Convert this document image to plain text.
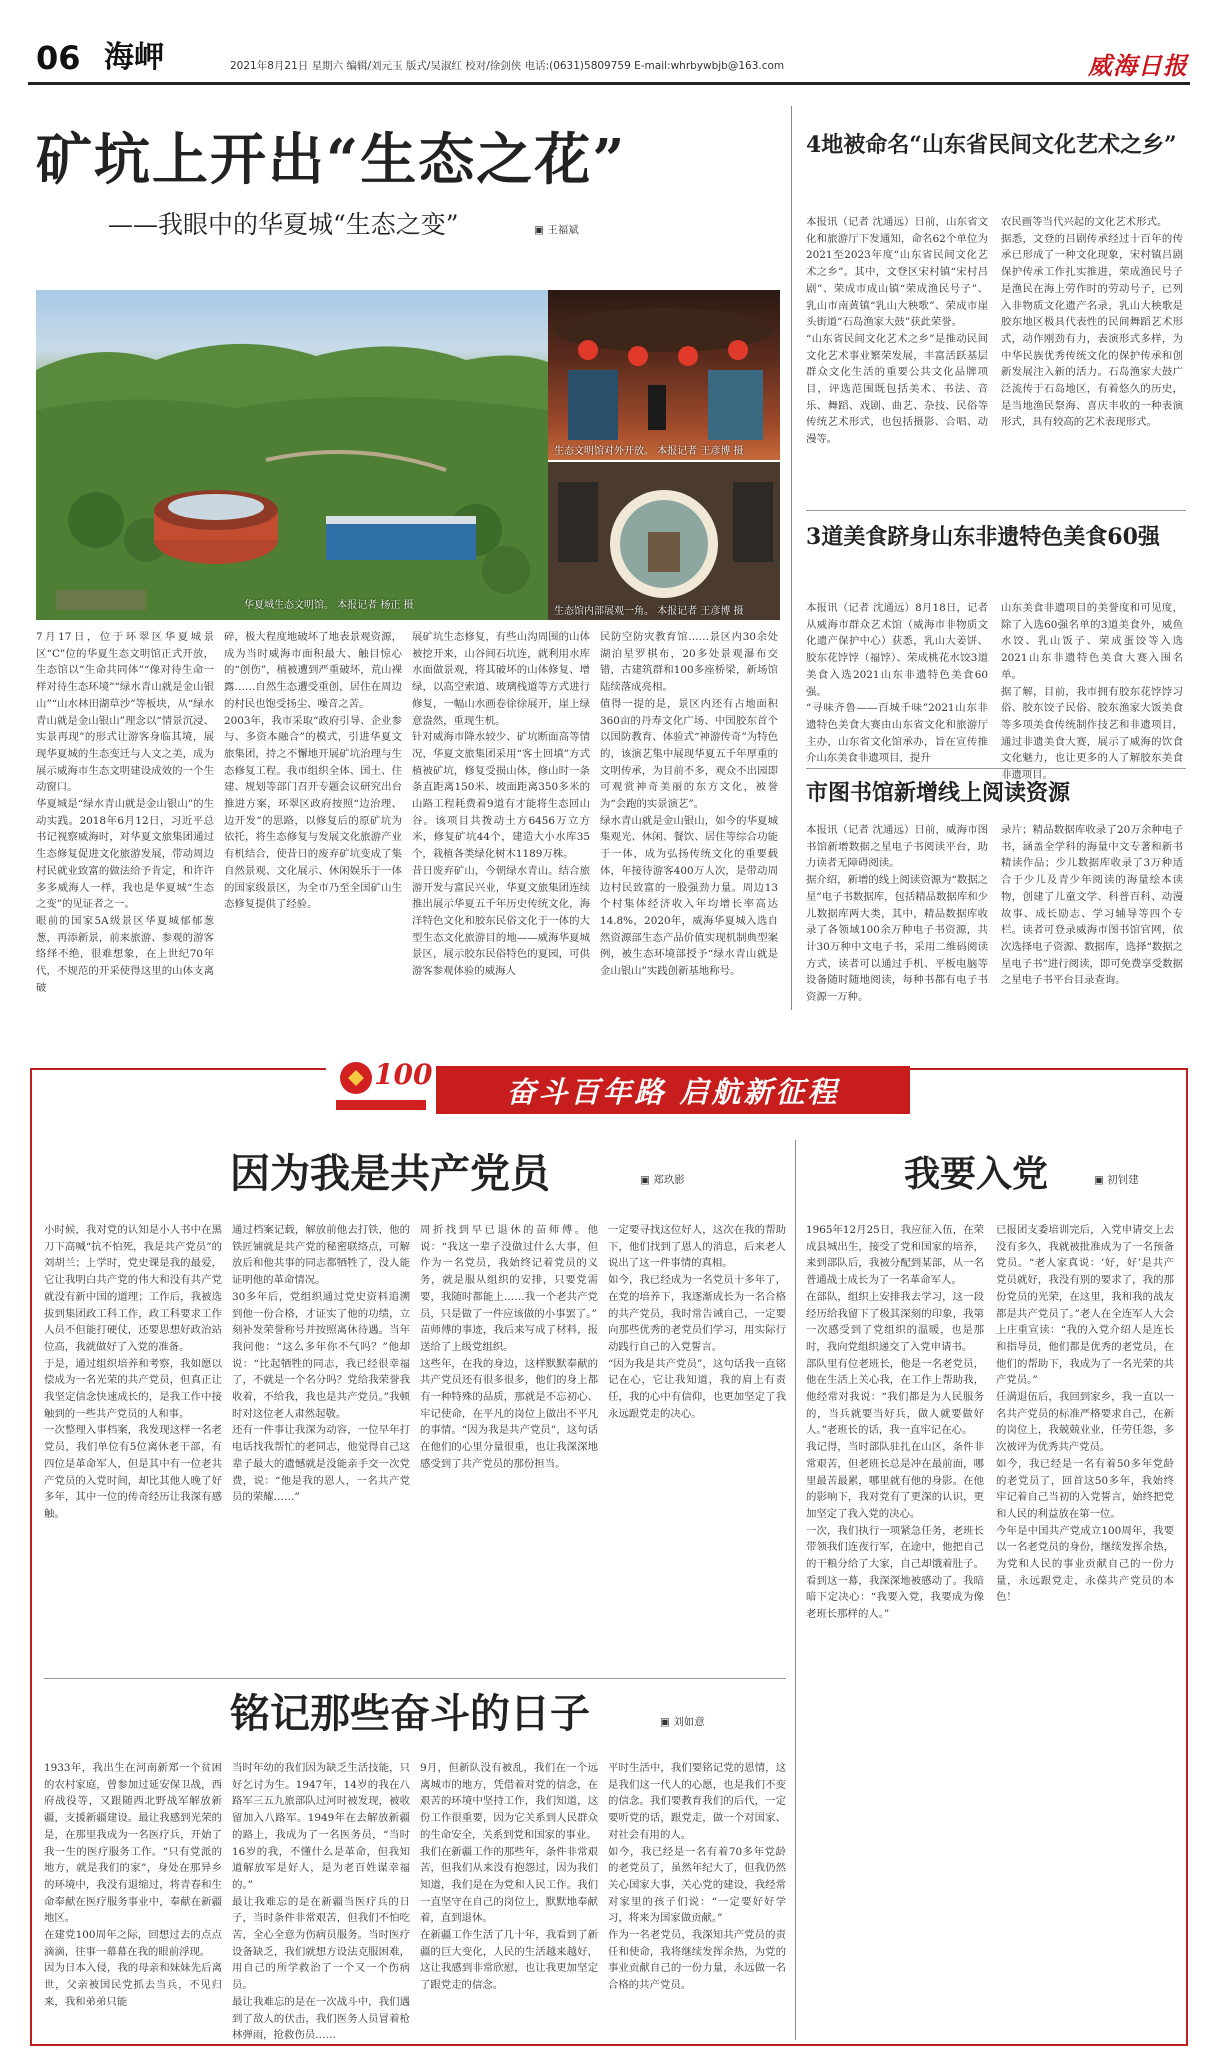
06 海岬	2021年8月21日 星期六 编辑/刘元玉 版式/吴淑红 校对/徐剑侠 电话:(0631)5809759 E-mail:whrbywbjb@163.com	威海日报
矿坑上开出“生态之花”
——我眼中的华夏城“生态之变”	▣ 王福斌
华夏城生态文明馆。 本报记者 杨正 摄
生态文明馆对外开放。 本报记者 王彦博 摄
生态馆内部展观一角。 本报记者 王彦博 摄
7月17日，位于环翠区华夏城景区“C”位的华夏生态文明馆正式开放，生态馆以“生命共同体”“像对待生命一样对待生态环境”“绿水青山就是金山银山”“山水林田湖草沙”等板块，从“绿水青山就是金山银山”理念以“情景沉浸、实景再现”的形式让游客身临其境，展现华夏城的生态变迁与人文之美，成为展示威海市生态文明建设成效的一个生动窗口。
华夏城是“绿水青山就是金山银山”的生动实践。2018年6月12日，习近平总书记视察威海时，对华夏文旅集团通过生态修复促进文化旅游发展，带动周边村民就业致富的做法给予肯定，和许许多多威海人一样，我也是华夏城“生态之变”的见证者之一。
眼前的国家5A级景区华夏城郁郁葱葱，再添新景，前来旅游、参观的游客络绎不绝，很难想象，在上世纪70年代，不规范的开采使得这里的山体支离破
碎，极大程度地破坏了地表景观资源，成为当时威海市面积最大、触目惊心的“创伤”，植被遭到严重破坏，荒山裸露……自然生态遭受重创，居住在周边的村民也饱受扬尘、噪音之苦。
2003年，我市采取“政府引导、企业参与、多资本融合”的模式，引进华夏文旅集团，持之不懈地开展矿坑治理与生态修复工程。我市组织全体、国土、住建、规划等部门召开专题会议研究出台推进方案，环翠区政府按照“边治理、边开发”的思路，以修复后的原矿坑为依托，将生态修复与发展文化旅游产业有机结合，使昔日的废弃矿坑变成了集自然景观、文化展示、休闲娱乐于一体的国家级景区，为全市乃至全国矿山生态修复提供了经验。
展矿坑生态修复，有些山沟周围的山体被挖开来，山谷间石坑连，就利用水库水面做景观，将其破坏的山体修复、增绿，以高空索道、玻璃栈道等方式进行修复，一幅山水画卷徐徐展开，崖上绿意盎然，重现生机。
针对威海市降水较少、矿坑断面高等情况，华夏文旅集团采用“客土回填”方式植被矿坑，修复受损山体，修山时一条条直距离150米、坡面距离350多米的山路工程耗费着9道有才能将生态回山谷。该项目共拨动土方6456万立方米，修复矿坑44个，建造大小水库35个，栽植各类绿化树木1189万株。
昔日废弃矿山，今朝绿水青山。结合旅游开发与富民兴业，华夏文旅集团连续推出展示华夏五千年历史传统文化，海洋特色文化和胶东民俗文化于一体的大型生态文化旅游目的地——威海华夏城景区，展示胶东民俗特色的夏园，可供游客参观体验的威海人
民防空防灾教育馆……景区内30余处湖泊星罗棋布，20多处景观瀑布交错，古建筑群和100多座桥梁，新场馆陆续落成亮相。
值得一提的是，景区内还有占地面积360亩的丹寿文化广场、中国胶东首个以国防教育、体验式“神游传奇”为特色的，该演艺集中展现华夏五千年厚重的文明传承，为目前不多，观众不出园即可观赏神奇美丽的东方文化，被誉为“会跑的实景演艺”。
绿水青山就是金山银山，如今的华夏城集观光、休闲、餐饮、居住等综合功能于一体，成为弘扬传统文化的重要载体，年接待游客400万人次，是带动周边村民致富的一股强劲力量。周边13个村集体经济收入年均增长率高达14.8%，2020年，威海华夏城入选自然资源部生态产品价值实现机制典型案例，被生态环境部授予“绿水青山就是金山银山”实践创新基地称号。
4地被命名“山东省民间文化艺术之乡”
本报讯（记者 沈通远）日前，山东省文化和旅游厅下发通知，命名62个单位为2021至2023年度“山东省民间文化艺术之乡”。其中，文登区宋村镇“宋村吕剧”、荣成市成山镇“荣成渔民号子”、乳山市南黄镇“乳山大秧歌”、荣成市崖头街道“石岛渔家大鼓”获此荣誉。
“山东省民间文化艺术之乡”是推动民间文化艺术事业繁荣发展，丰富活跃基层群众文化生活的重要公共文化品牌项目，评选范围既包括美术、书法、音乐、舞蹈、戏剧、曲艺、杂技、民俗等传统艺术形式，也包括摄影、合唱、动漫等。
农民画等当代兴起的文化艺术形式。
据悉，文登的吕剧传承经过十百年的传承已形成了一种文化现象，宋村镇吕剧保护传承工作扎实推进，荣成渔民号子是渔民在海上劳作时的劳动号子，已列入非物质文化遗产名录，乳山大秧歌是胶东地区极具代表性的民间舞蹈艺术形式，动作刚劲有力，表演形式多样，为中华民族优秀传统文化的保护传承和创新发展注入新的活力。石岛渔家大鼓广泛流传于石岛地区，有着悠久的历史，是当地渔民祭海、喜庆丰收的一种表演形式，具有较高的艺术表现形式。
3道美食跻身山东非遗特色美食60强
本报讯（记者 沈通远）8月18日，记者从威海市群众艺术馆（威海市非物质文化遗产保护中心）获悉，乳山大姜饼、胶东花饽饽（福饽）、荣成桃花水饺3道美食入选2021山东非遗特色美食60强。
“寻味齐鲁——百城千味”2021山东非遗特色美食大赛由山东省文化和旅游厅主办，山东省文化馆承办，旨在宣传推介山东美食非遗项目，提升
山东美食非遗项目的美誉度和可见度，除了入选60强名单的3道美食外，威鱼水饺、乳山饭子、荣成蛋饺等入选2021山东非遗特色美食大赛入围名单。
据了解，目前，我市拥有胶东花饽饽习俗、胶东饺子民俗、胶东渔家大饭美食等多项美食传统制作技艺和非遗项目，通过非遗美食大赛，展示了威海的饮食文化魅力，也让更多的人了解胶东美食非遗项目。
市图书馆新增线上阅读资源
本报讯（记者 沈通远）日前，威海市图书馆新增数据之星电子书阅读平台，助力读者无障碍阅读。
据介绍，新增的线上阅读资源为“数据之星”电子书数据库，包括精品数据库和少儿数据库两大类，其中，精品数据库收录了各领域100余万种电子书资源，共计30万种中文电子书，采用二维码阅读方式，读者可以通过手机、平板电脑等设备随时随地阅读，每种书都有电子书资源一万种。
录片；精品数据库收录了20万余种电子书，涵盖全学科的海量中文专著和新书精读作品；少儿数据库收录了3万种适合于少儿及青少年阅读的海量绘本读物，创建了儿童文学、科普百科、动漫故事、成长励志、学习辅导等四个专栏。读者可登录威海市图书馆官网，依次选择电子资源、数据库，选择“数据之星电子书”进行阅读，即可免费享受数据之星电子书平台目录查询。
100	奋斗百年路 启航新征程
因为我是共产党员	▣ 郑玖影
小时候，我对党的认知是小人书中在黑刀下高喊“抗不怕死，我是共产党员”的刘胡兰；上学时，党史课是我的最爱，它让我明白共产党的伟大和没有共产党就没有新中国的道理；工作后，我被选拔到集团政工科工作，政工科要求工作人员不但能打硬仗，还要思想好政治站位高，我就做好了入党的准备。
于是，通过组织培养和考察，我如愿以偿成为一名光荣的共产党员，但真正让我坚定信念快速成长的，是我工作中接触到的一些共产党员的人和事。
一次整理入事档案，我发现这样一名老党员，我们单位有5位离休老干部，有四位是革命军人，但是其中有一位老共产党员的入党时间，却比其他人晚了好多年，其中一位的传奇经历让我深有感触。
通过档案记载，解放前他去打铁，他的铁匠铺就是共产党的秘密联络点，可解放后和他共事的同志都牺牲了，没人能证明他的革命情况。
30多年后，党组织通过党史资料追溯到他一份合格，才证实了他的功绩，立刻补发荣誉称号并按照离休待遇。当年我问他：“这么多年你不气吗？”他却说：“比起牺牲的同志，我已经很幸福了，不就是一个名分吗？党给我荣誉我收着，不给我，我也是共产党员。”我顿时对这位老人肃然起敬。
还有一件事让我深为动容，一位早年打电话找我帮忙的老同志，他觉得自己这辈子最大的遗憾就是没能亲手交一次党费，说：“他是我的恩人，一名共产党员的荣耀……”
周折找到早已退休的苗师傅。他说：“我这一辈子没做过什么大事，但作为一名党员，我始终记着党员的义务，就是服从组织的安排，只要党需要，我随时都能上……我一个老共产党员，只是做了一件应该做的小事罢了。”
苗师傅的事迹，我后来写成了材料，报送给了上级党组织。
这些年，在我的身边，这样默默奉献的共产党员还有很多很多，他们的身上都有一种特殊的品质，那就是不忘初心、牢记使命，在平凡的岗位上做出不平凡的事情。“因为我是共产党员”，这句话在他们的心里分量很重，也让我深深地感受到了共产党员的那份担当。
一定要寻找这位好人，这次在我的帮助下，他们找到了恩人的消息，后来老人说出了这一件事情的真相。
如今，我已经成为一名党员十多年了，在党的培养下，我逐渐成长为一名合格的共产党员，我时常告诫自己，一定要向那些优秀的老党员们学习，用实际行动践行自己的入党誓言。
“因为我是共产党员”，这句话我一直铭记在心，它让我知道，我的肩上有责任，我的心中有信仰，也更加坚定了我永远跟党走的决心。
我要入党	▣ 初钊建
1965年12月25日，我应征入伍，在荣成县城出生，接受了党和国家的培养，来到部队后，我被分配到某部，从一名普通战士成长为了一名革命军人。
在部队，组织上安排我去学习，这一段经历给我留下了极其深刻的印象，我第一次感受到了党组织的温暖，也是那时，我向党组织递交了入党申请书。
部队里有位老班长，他是一名老党员，他在生活上关心我，在工作上帮助我，他经常对我说：“我们都是为人民服务的，当兵就要当好兵，做人就要做好人。”老班长的话，我一直牢记在心。
我记得，当时部队驻扎在山区，条件非常艰苦，但老班长总是冲在最前面，哪里最苦最累，哪里就有他的身影。在他的影响下，我对党有了更深的认识，更加坚定了我入党的决心。
一次，我们执行一项紧急任务，老班长带领我们连夜行军，在途中，他把自己的干粮分给了大家，自己却饿着肚子。看到这一幕，我深深地被感动了。我暗暗下定决心：“我要入党，我要成为像老班长那样的人。”
已报团支委培训完后，入党申请交上去没有多久，我就被批准成为了一名预备党员。“老人家真说：‘好，好’是共产党员就好，我没有别的要求了，我的那份党员的光荣，在这里，我和我的战友都是共产党员了。”老人在全连军人大会上庄重宣读：“我的入党介绍人是连长和指导员，他们都是优秀的老党员，在他们的帮助下，我成为了一名光荣的共产党员。”
任满退伍后，我回到家乡，我一直以一名共产党员的标准严格要求自己，在新的岗位上，我兢兢业业，任劳任怨，多次被评为优秀共产党员。
如今，我已经是一名有着50多年党龄的老党员了，回首这50多年，我始终牢记着自己当初的入党誓言，始终把党和人民的利益放在第一位。
今年是中国共产党成立100周年，我要以一名老党员的身份，继续发挥余热，为党和人民的事业贡献自己的一份力量，永远跟党走，永葆共产党员的本色！
铭记那些奋斗的日子	▣ 刘如意
1933年，我出生在河南新郑一个贫困的农村家庭，曾参加过延安保卫战，西府战役等，又跟随西北野战军解放新疆，支援新疆建设。最让我感到光荣的是，在那里我成为一名医疗兵，开始了我一生的医疗服务工作。“只有党派的地方，就是我们的家”，身处在那异乡的环境中，我没有退缩过，将青春和生命奉献在医疗服务事业中，奉献在新疆地区。
在建党100周年之际，回想过去的点点滴滴，往事一幕幕在我的眼前浮现。
因为日本入侵，我的母亲和妹妹先后离世，父亲被国民党抓去当兵，不见归来，我和弟弟只能
当时年幼的我们因为缺乏生活技能，只好乞讨为生。1947年，14岁的我在八路军三五九旅部队过河时被发现，被收留加入八路军。1949年在去解放新疆的路上，我成为了一名医务员，“当时16岁的我，不懂什么是革命，但我知道解放军是好人，是为老百姓谋幸福的。”
最让我难忘的是在新疆当医疗兵的日子，当时条件非常艰苦，但我们不怕吃苦，全心全意为伤病员服务。当时医疗设备缺乏，我们就想方设法克服困难，用自己的所学救治了一个又一个伤病员。
最让我难忘的是在一次战斗中，我们遇到了敌人的伏击，我们医务人员冒着枪林弹雨，抢救伤员……
9月，但新队没有被乱，我们在一个远离城市的地方，凭借着对党的信念，在艰苦的环境中坚持工作，我们知道，这份工作很重要，因为它关系到人民群众的生命安全，关系到党和国家的事业。
我们在新疆工作的那些年，条件非常艰苦，但我们从来没有抱怨过，因为我们知道，我们是在为党和人民工作。我们一直坚守在自己的岗位上，默默地奉献着，直到退休。
在新疆工作生活了几十年，我看到了新疆的巨大变化，人民的生活越来越好，这让我感到非常欣慰，也让我更加坚定了跟党走的信念。
平时生活中，我们要铭记党的恩情，这是我们这一代人的心愿，也是我们不变的信念。我们要教育我们的后代，一定要听党的话，跟党走，做一个对国家、对社会有用的人。
如今，我已经是一名有着70多年党龄的老党员了，虽然年纪大了，但我仍然关心国家大事，关心党的建设，我经常对家里的孩子们说：“一定要好好学习，将来为国家做贡献。”
作为一名老党员，我深知共产党员的责任和使命，我将继续发挥余热，为党的事业贡献自己的一份力量，永远做一名合格的共产党员。
